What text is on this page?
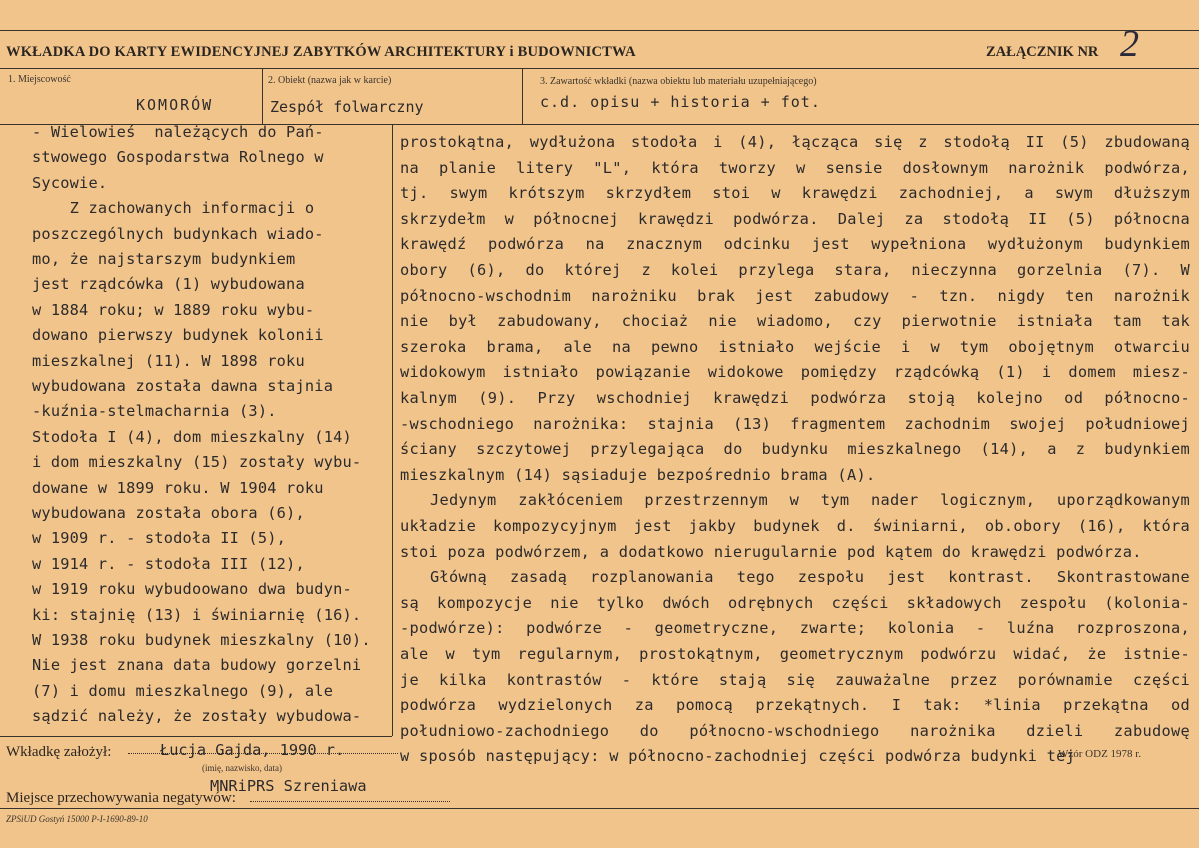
WKŁADKA DO KARTY EWIDENCYJNEJ ZABYTKÓW ARCHITEKTURY i BUDOWNICTWA	ZAŁĄCZNIK NR 2
1. Miejscowość	2. Obiekt (nazwa jak w karcie)	3. Zawartość wkładki (nazwa obiektu lub materiału uzupełniającego)
KOMORÓW	Zespół folwarczny	c.d. opisu + historia + fot.
- Wielowieś  należących do Pań-
stwowego Gospodarstwa Rolnego w
Sycowie.
Z zachowanych informacji o
poszczególnych budynkach wiado-
mo, że najstarszym budynkiem
jest rządcówka (1) wybudowana
w 1884 roku; w 1889 roku wybu-
dowano pierwszy budynek kolonii
mieszkalnej (11). W 1898 roku
wybudowana została dawna stajnia
-kuźnia-stelmacharnia (3).
Stodoła I (4), dom mieszkalny (14)
i dom mieszkalny (15) zostały wybu-
dowane w 1899 roku. W 1904 roku
wybudowana została obora (6),
w 1909 r. - stodoła II (5),
w 1914 r. - stodoła III (12),
w 1919 roku wybudoowano dwa budyn-
ki: stajnię (13) i świniarnię (16).
W 1938 roku budynek mieszkalny (10).
Nie jest znana data budowy gorzelni
(7) i domu mieszkalnego (9), ale
sądzić należy, że zostały wybudowa-
prostokątna, wydłużona stodoła i (4), łącząca się z stodołą II (5) zbudowaną
na planie litery "L", która tworzy w sensie dosłownym narożnik podwórza,
tj. swym krótszym skrzydłem stoi w krawędzi zachodniej, a swym dłuższym
skrzydełm w północnej krawędzi podwórza. Dalej za stodołą II (5) północna
krawędź podwórza na znacznym odcinku jest wypełniona wydłużonym budynkiem
obory (6), do której z kolei przylega stara, nieczynna gorzelnia (7). W
północno-wschodnim narożniku brak jest zabudowy - tzn. nigdy ten narożnik
nie był zabudowany, chociaż nie wiadomo, czy pierwotnie istniała tam tak
szeroka brama, ale na pewno istniało wejście i w tym obojętnym otwarciu
widokowym istniało powiązanie widokowe pomiędzy rządcówką (1) i domem miesz-
kalnym (9). Przy wschodniej krawędzi podwórza stoją kolejno od północno-
-wschodniego narożnika: stajnia (13) fragmentem zachodnim swojej południowej
ściany szczytowej przylegająca do budynku mieszkalnego (14), a z budynkiem
mieszkalnym (14) sąsiaduje bezpośrednio brama (A).
Jedynym zakłóceniem przestrzennym w tym nader logicznym, uporządkowanym
układzie kompozycyjnym jest jakby budynek d. świniarni, ob.obory (16), która
stoi poza podwórzem, a dodatkowo nierugularnie pod kątem do krawędzi podwórza.
Główną zasadą rozplanowania tego zespołu jest kontrast. Skontrastowane
są kompozycje nie tylko dwóch odrębnych części składowych zespołu (kolonia-
-podwórze): podwórze - geometryczne, zwarte; kolonia - luźna rozproszona,
ale w tym regularnym, prostokątnym, geometrycznym podwórzu widać, że istnie-
je kilka kontrastów - które stają się zauważalne przez porównamie części
podwórza wydzielonych za pomocą przekątnych. I tak: *linia przekątna od
południowo-zachodniego do północno-wschodniego narożnika dzieli zabudowę
w sposób następujący: w północno-zachodniej części podwórza budynki tej
Wkładkę założył:	Łucja Gajda, 1990 r.
(imię, nazwisko, data)
MNRiPRS Szreniawa
Miejsce przechowywania negatywów:
Wzór ODZ 1978 r.
ZPSiUD Gostyń 15000 P-I-1690-89-10
